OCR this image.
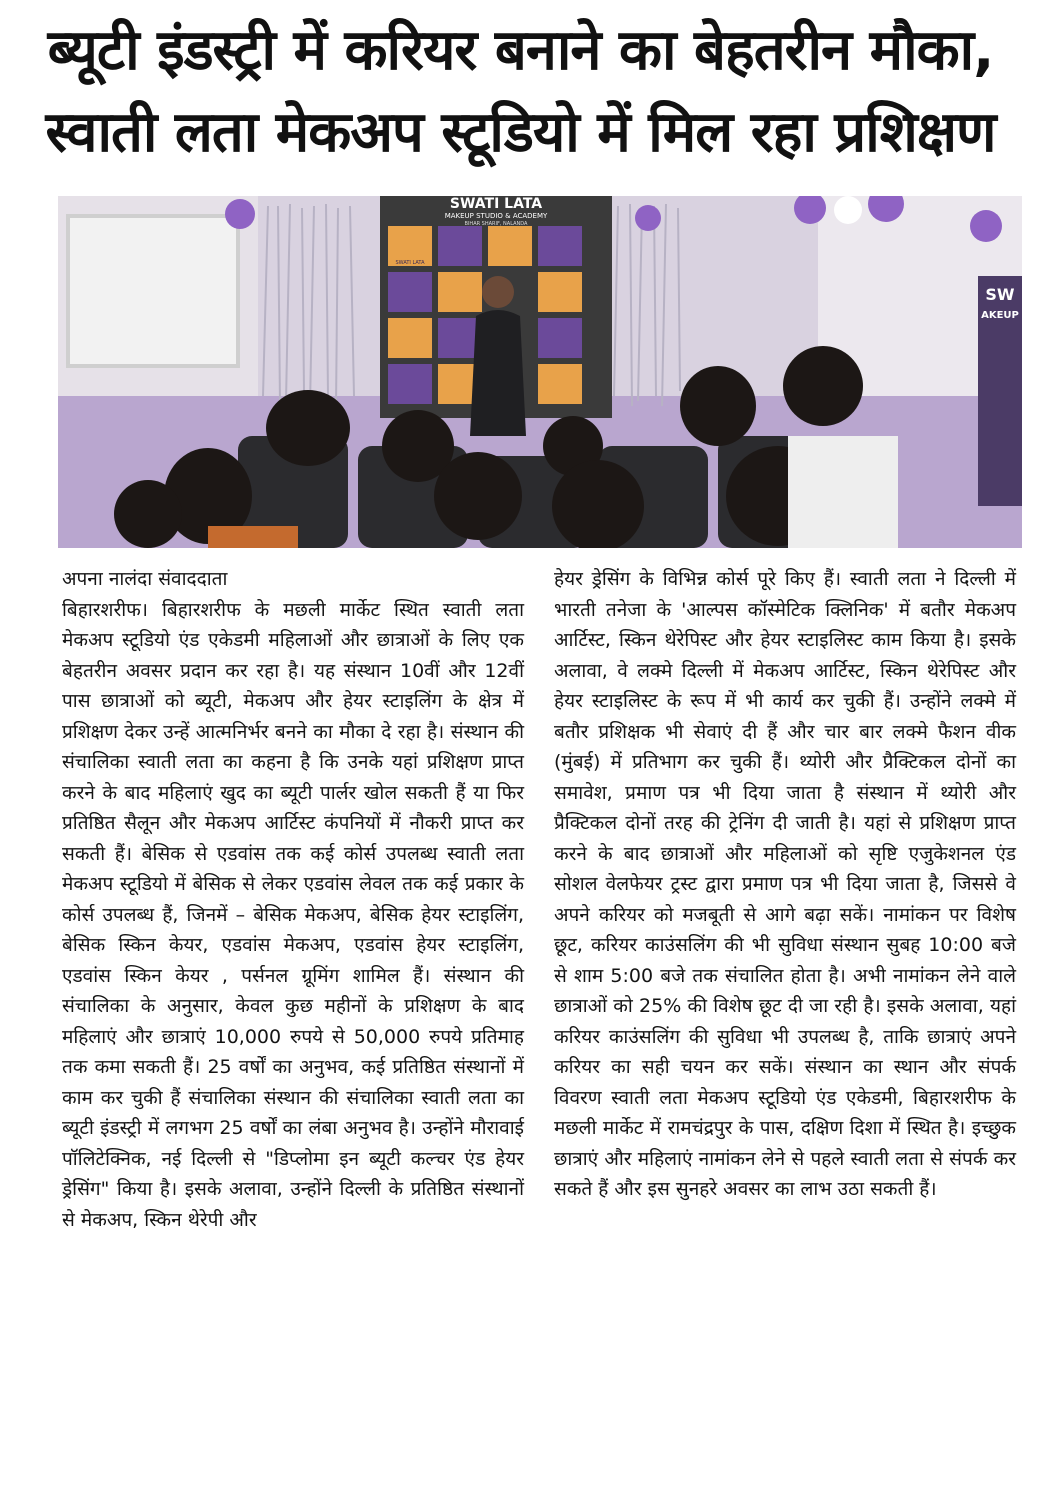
ब्यूटी इंडस्ट्री में करियर बनाने का बेहतरीन मौका,
स्वाती लता मेकअप स्टूडियो में मिल रहा प्रशिक्षण
SWATI LATA
MAKEUP STUDIO & ACADEMY
BIHAR SHARIF, NALANDA
SWATI LATA
SW
AKEUP
अपना नालंदा संवाददाता

बिहारशरीफ। बिहारशरीफ के मछली मार्केट स्थित स्वाती लता मेकअप स्टूडियो एंड एकेडमी महिलाओं और छात्राओं के लिए एक बेहतरीन अवसर प्रदान कर रहा है। यह संस्थान 10वीं और 12वीं पास छात्राओं को ब्यूटी, मेकअप और हेयर स्टाइलिंग के क्षेत्र में प्रशिक्षण देकर उन्हें आत्मनिर्भर बनने का मौका दे रहा है। संस्थान की संचालिका स्वाती लता का कहना है कि उनके यहां प्रशिक्षण प्राप्त करने के बाद महिलाएं खुद का ब्यूटी पार्लर खोल सकती हैं या फिर प्रतिष्ठित सैलून और मेकअप आर्टिस्ट कंपनियों में नौकरी प्राप्त कर सकती हैं। बेसिक से एडवांस तक कई कोर्स उपलब्ध स्वाती लता मेकअप स्टूडियो में बेसिक से लेकर एडवांस लेवल तक कई प्रकार के कोर्स उपलब्ध हैं, जिनमें – बेसिक मेकअप, बेसिक हेयर स्टाइलिंग, बेसिक स्किन केयर, एडवांस मेकअप, एडवांस हेयर स्टाइलिंग, एडवांस स्किन केयर , पर्सनल ग्रूमिंग शामिल हैं। संस्थान की संचालिका के अनुसार, केवल कुछ महीनों के प्रशिक्षण के बाद महिलाएं और छात्राएं 10,000 रुपये से 50,000 रुपये प्रतिमाह तक कमा सकती हैं। 25 वर्षों का अनुभव, कई प्रतिष्ठित संस्थानों में काम कर चुकी हैं संचालिका संस्थान की संचालिका स्वाती लता का ब्यूटी इंडस्ट्री में लगभग 25 वर्षों का लंबा अनुभव है। उन्होंने मौरावाई पॉलिटेक्निक, नई दिल्ली से "डिप्लोमा इन ब्यूटी कल्चर एंड हेयर ड्रेसिंग" किया है। इसके अलावा, उन्होंने दिल्ली के प्रतिष्ठित संस्थानों से मेकअप, स्किन थेरेपी और

हेयर ड्रेसिंग के विभिन्न कोर्स पूरे किए हैं। स्वाती लता ने दिल्ली में भारती तनेजा के 'आल्पस कॉस्मेटिक क्लिनिक' में बतौर मेकअप आर्टिस्ट, स्किन थेरेपिस्ट और हेयर स्टाइलिस्ट काम किया है। इसके अलावा, वे लक्मे दिल्ली में मेकअप आर्टिस्ट, स्किन थेरेपिस्ट और हेयर स्टाइलिस्ट के रूप में भी कार्य कर चुकी हैं। उन्होंने लक्मे में बतौर प्रशिक्षक भी सेवाएं दी हैं और चार बार लक्मे फैशन वीक (मुंबई) में प्रतिभाग कर चुकी हैं। थ्योरी और प्रैक्टिकल दोनों का समावेश, प्रमाण पत्र भी दिया जाता है संस्थान में थ्योरी और प्रैक्टिकल दोनों तरह की ट्रेनिंग दी जाती है। यहां से प्रशिक्षण प्राप्त करने के बाद छात्राओं और महिलाओं को सृष्टि एजुकेशनल एंड सोशल वेलफेयर ट्रस्ट द्वारा प्रमाण पत्र भी दिया जाता है, जिससे वे अपने करियर को मजबूती से आगे बढ़ा सकें। नामांकन पर विशेष छूट, करियर काउंसलिंग की भी सुविधा संस्थान सुबह 10:00 बजे से शाम 5:00 बजे तक संचालित होता है। अभी नामांकन लेने वाले छात्राओं को 25% की विशेष छूट दी जा रही है। इसके अलावा, यहां करियर काउंसलिंग की सुविधा भी उपलब्ध है, ताकि छात्राएं अपने करियर का सही चयन कर सकें। संस्थान का स्थान और संपर्क विवरण स्वाती लता मेकअप स्टूडियो एंड एकेडमी, बिहारशरीफ के मछली मार्केट में रामचंद्रपुर के पास, दक्षिण दिशा में स्थित है। इच्छुक छात्राएं और महिलाएं नामांकन लेने से पहले स्वाती लता से संपर्क कर सकते हैं और इस सुनहरे अवसर का लाभ उठा सकती हैं।
